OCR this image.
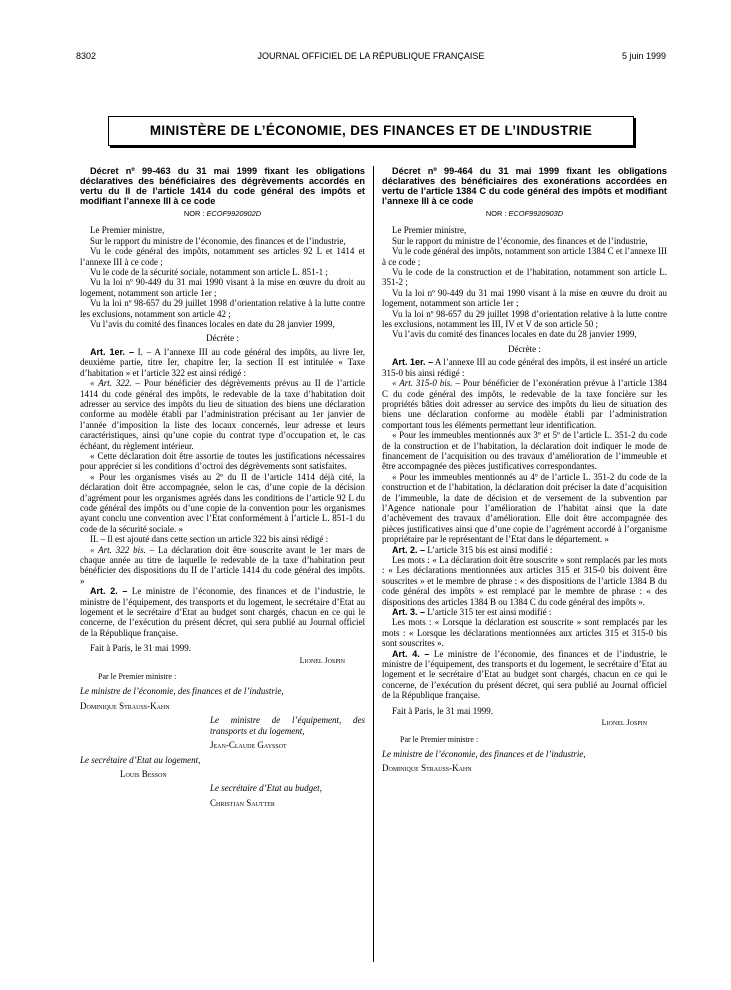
8302	JOURNAL OFFICIEL DE LA RÉPUBLIQUE FRANÇAISE	5 juin 1999
MINISTÈRE DE L’ÉCONOMIE, DES FINANCES ET DE L’INDUSTRIE

Décret nº 99-463 du 31 mai 1999 fixant les obligations déclaratives des bénéficiaires des dégrèvements accordés en vertu du II de l’article 1414 du code général des impôts et modifiant l’annexe III à ce code

NOR : ECOF9920902D

Le Premier ministre,

Sur le rapport du ministre de l’économie, des finances et de l’industrie,

Vu le code général des impôts, notamment ses articles 92 L et 1414 et l’annexe III à ce code ;

Vu le code de la sécurité sociale, notamment son article L. 851-1 ;

Vu la loi nº 90-449 du 31 mai 1990 visant à la mise en œuvre du droit au logement, notamment son article 1er ;

Vu la loi nº 98-657 du 29 juillet 1998 d’orientation relative à la lutte contre les exclusions, notamment son article 42 ;

Vu l’avis du comité des finances locales en date du 28 janvier 1999,

Décrète :

Art. 1er. – I. – A l’annexe III au code général des impôts, au livre Ier, deuxième partie, titre Ier, chapitre Ier, la section II est intitulée « Taxe d’habitation » et l’article 322 est ainsi rédigé :

« Art. 322. – Pour bénéficier des dégrèvements prévus au II de l’article 1414 du code général des impôts, le redevable de la taxe d’habitation doit adresser au service des impôts du lieu de situation des biens une déclaration conforme au modèle établi par l’administration précisant au 1er janvier de l’année d’imposition la liste des locaux concernés, leur adresse et leurs caractéristiques, ainsi qu’une copie du contrat type d’occupation et, le cas échéant, du règlement intérieur.

« Cette déclaration doit être assortie de toutes les justifications nécessaires pour apprécier si les conditions d’octroi des dégrèvements sont satisfaites.

« Pour les organismes visés au 2º du II de l’article 1414 déjà cité, la déclaration doit être accompagnée, selon le cas, d’une copie de la décision d’agrément pour les organismes agréés dans les conditions de l’article 92 L du code général des impôts ou d’une copie de la convention pour les organismes ayant conclu une convention avec l’Etat conformément à l’article L. 851-1 du code de la sécurité sociale. »

II. – Il est ajouté dans cette section un article 322 bis ainsi rédigé :

« Art. 322 bis. – La déclaration doit être souscrite avant le 1er mars de chaque année au titre de laquelle le redevable de la taxe d’habitation peut bénéficier des dispositions du II de l’article 1414 du code général des impôts. »

Art. 2. – Le ministre de l’économie, des finances et de l’industrie, le ministre de l’équipement, des transports et du logement, le secrétaire d’Etat au logement et le secrétaire d’Etat au budget sont chargés, chacun en ce qui le concerne, de l’exécution du présent décret, qui sera publié au Journal officiel de la République française.

Fait à Paris, le 31 mai 1999.

Lionel Jospin

Par le Premier ministre :

Le ministre de l’économie, des finances et de l’industrie,

Dominique Strauss-Kahn

Le ministre de l’équipement, des transports et du logement,

Jean-Claude Gayssot

Le secrétaire d’Etat au logement,

Louis Besson

Le secrétaire d’Etat au budget,

Christian Sautter

Décret nº 99-464 du 31 mai 1999 fixant les obligations déclaratives des bénéficiaires des exonérations accordées en vertu de l’article 1384 C du code général des impôts et modifiant l’annexe III à ce code

NOR : ECOF9920903D

Le Premier ministre,

Sur le rapport du ministre de l’économie, des finances et de l’industrie,

Vu le code général des impôts, notamment son article 1384 C et l’annexe III à ce code ;

Vu le code de la construction et de l’habitation, notamment son article L. 351-2 ;

Vu la loi nº 90-449 du 31 mai 1990 visant à la mise en œuvre du droit au logement, notamment son article 1er ;

Vu la loi nº 98-657 du 29 juillet 1998 d’orientation relative à la lutte contre les exclusions, notamment les III, IV et V de son article 50 ;

Vu l’avis du comité des finances locales en date du 28 janvier 1999,

Décrète :

Art. 1er. – A l’annexe III au code général des impôts, il est inséré un article 315-0 bis ainsi rédigé :

« Art. 315-0 bis. – Pour bénéficier de l’exonération prévue à l’article 1384 C du code général des impôts, le redevable de la taxe foncière sur les propriétés bâties doit adresser au service des impôts du lieu de situation des biens une déclaration conforme au modèle établi par l’administration comportant tous les éléments permettant leur identification.

« Pour les immeubles mentionnés aux 3º et 5º de l’article L. 351-2 du code de la construction et de l’habitation, la déclaration doit indiquer le mode de financement de l’acquisition ou des travaux d’amélioration de l’immeuble et être accompagnée des pièces justificatives correspondantes.

« Pour les immeubles mentionnés au 4º de l’article L. 351-2 du code de la construction et de l’habitation, la déclaration doit préciser la date d’acquisition de l’immeuble, la date de décision et de versement de la subvention par l’Agence nationale pour l’amélioration de l’habitat ainsi que la date d’achèvement des travaux d’amélioration. Elle doit être accompagnée des pièces justificatives ainsi que d’une copie de l’agrément accordé à l’organisme propriétaire par le représentant de l’Etat dans le département. »

Art. 2. – L’article 315 bis est ainsi modifié :

Les mots : « La déclaration doit être souscrite » sont remplacés par les mots : « Les déclarations mentionnées aux articles 315 et 315-0 bis doivent être souscrites » et le membre de phrase : « des dispositions de l’article 1384 B du code général des impôts » est remplacé par le membre de phrase : « des dispositions des articles 1384 B ou 1384 C du code général des impôts ».

Art. 3. – L’article 315 ter est ainsi modifié :

Les mots : « Lorsque la déclaration est souscrite » sont remplacés par les mots : « Lorsque les déclarations mentionnées aux articles 315 et 315-0 bis sont souscrites ».

Art. 4. – Le ministre de l’économie, des finances et de l’industrie, le ministre de l’équipement, des transports et du logement, le secrétaire d’Etat au logement et le secrétaire d’Etat au budget sont chargés, chacun en ce qui le concerne, de l’exécution du présent décret, qui sera publié au Journal officiel de la République française.

Fait à Paris, le 31 mai 1999.

Lionel Jospin

Par le Premier ministre :

Le ministre de l’économie, des finances et de l’industrie,

Dominique Strauss-Kahn
